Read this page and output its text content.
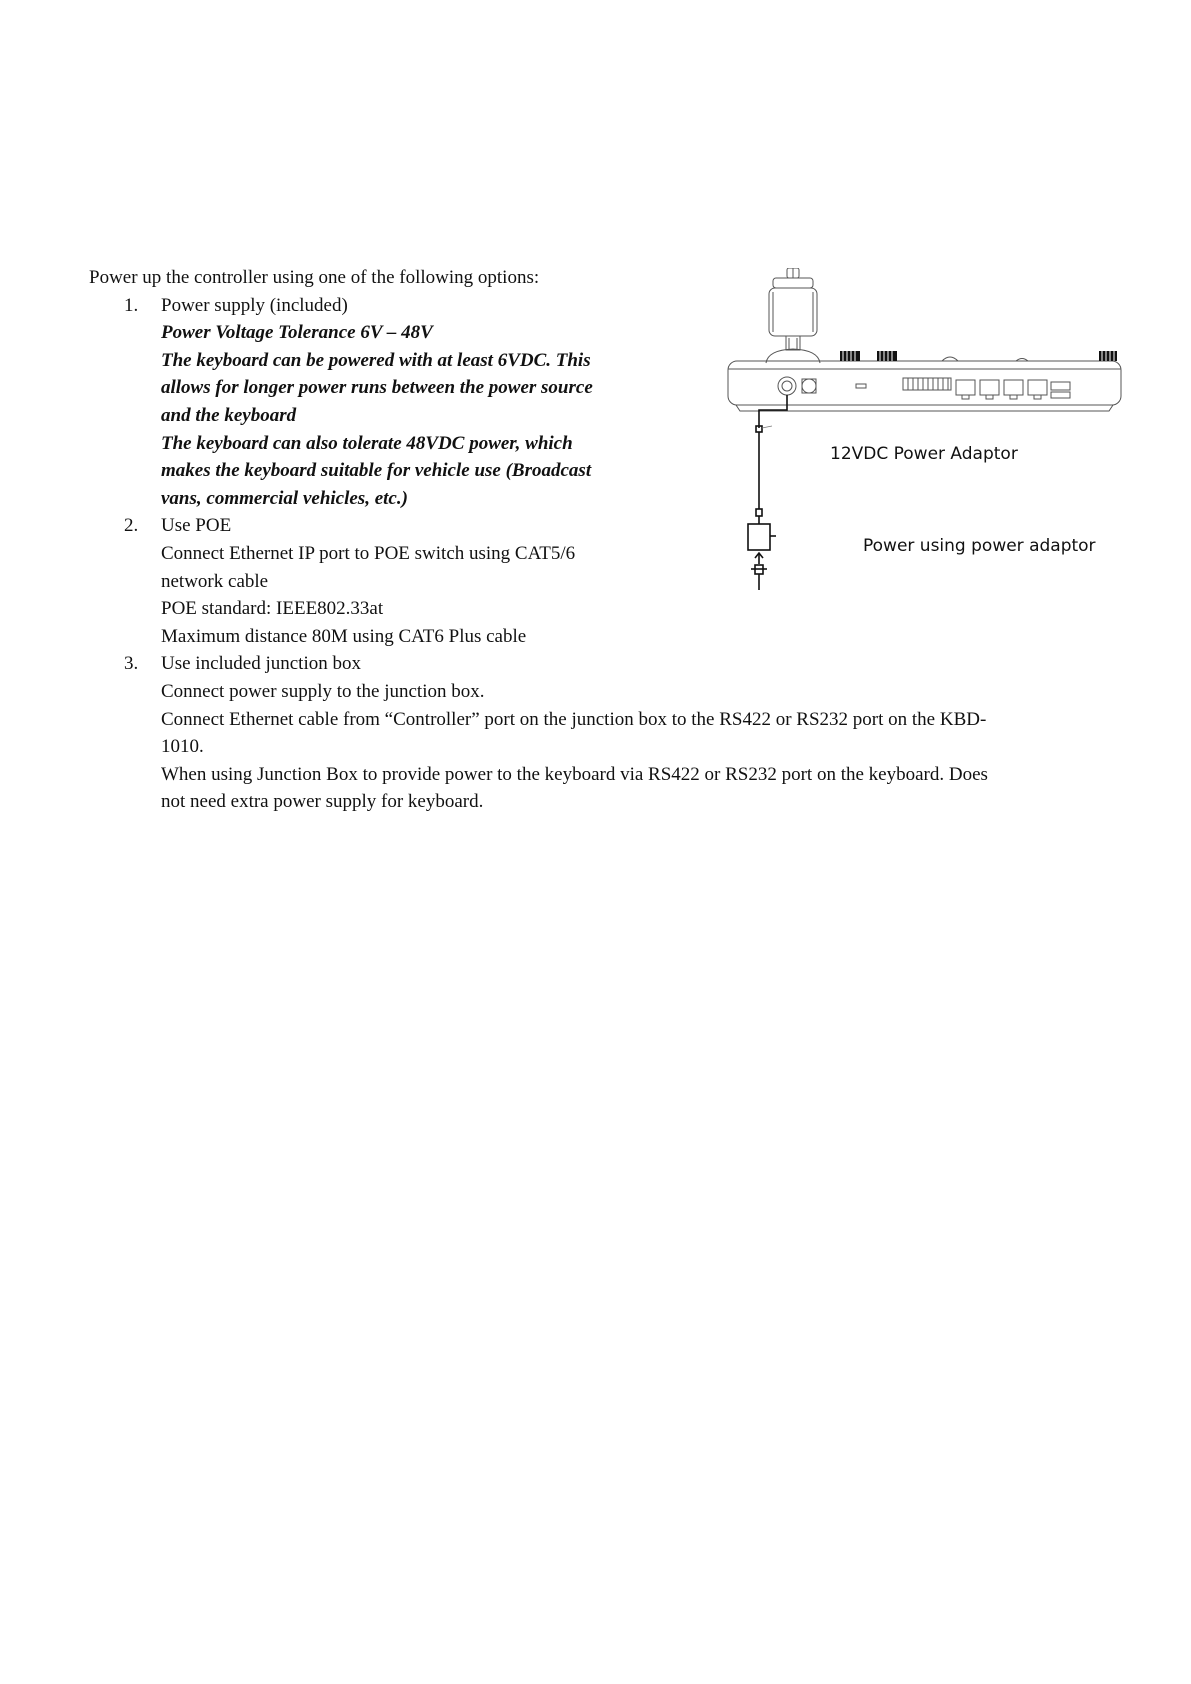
Power up the controller using one of the following options:

1. Power supply (included)
Power Voltage Tolerance 6V – 48V
The keyboard can be powered with at least 6VDC. This
allows for longer power runs between the power source
and the keyboard
The keyboard can also tolerate 48VDC power, which
makes the keyboard suitable for vehicle use (Broadcast
vans, commercial vehicles, etc.)
2. Use POE
Connect Ethernet IP port to POE switch using CAT5/6
network cable
POE standard: IEEE802.33at
Maximum distance 80M using CAT6 Plus cable
3. Use included junction box
Connect power supply to the junction box.
Connect Ethernet cable from “Controller” port on the junction box to the RS422 or RS232 port on the KBD-
1010.
When using Junction Box to provide power to the keyboard via RS422 or RS232 port on the keyboard. Does
not need extra power supply for keyboard.
12VDC Power Adaptor
Power using power adaptor
